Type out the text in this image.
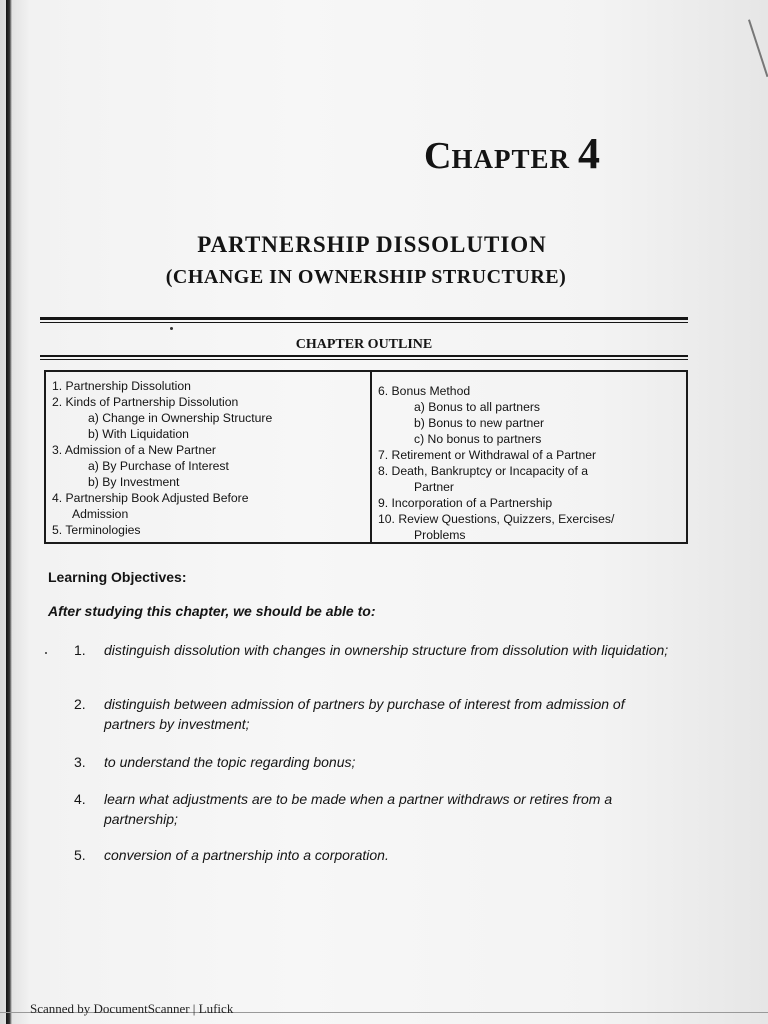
CHAPTER 4
PARTNERSHIP DISSOLUTION
(CHANGE IN OWNERSHIP STRUCTURE)
CHAPTER OUTLINE
1. Partnership Dissolution
2. Kinds of Partnership Dissolution
a) Change in Ownership Structure
b) With Liquidation
3. Admission of a New Partner
a) By Purchase of Interest
b) By Investment
4. Partnership Book Adjusted Before
Admission
5. Terminologies
6. Bonus Method
a) Bonus to all partners
b) Bonus to new partner
c) No bonus to partners
7. Retirement or Withdrawal of a Partner
8. Death, Bankruptcy or Incapacity of a
Partner
9. Incorporation of a Partnership
10. Review Questions, Quizzers, Exercises/
Problems
Learning Objectives:
After studying this chapter, we should be able to:
1.	distinguish dissolution with changes in ownership structure from dissolution with liquidation;
2.	distinguish between admission of partners by purchase of interest from admission of partners by investment;
3.	to understand the topic regarding bonus;
4.	learn what adjustments are to be made when a partner withdraws or retires from a partnership;
5.	conversion of a partnership into a corporation.
Scanned by DocumentScanner | Lufick
